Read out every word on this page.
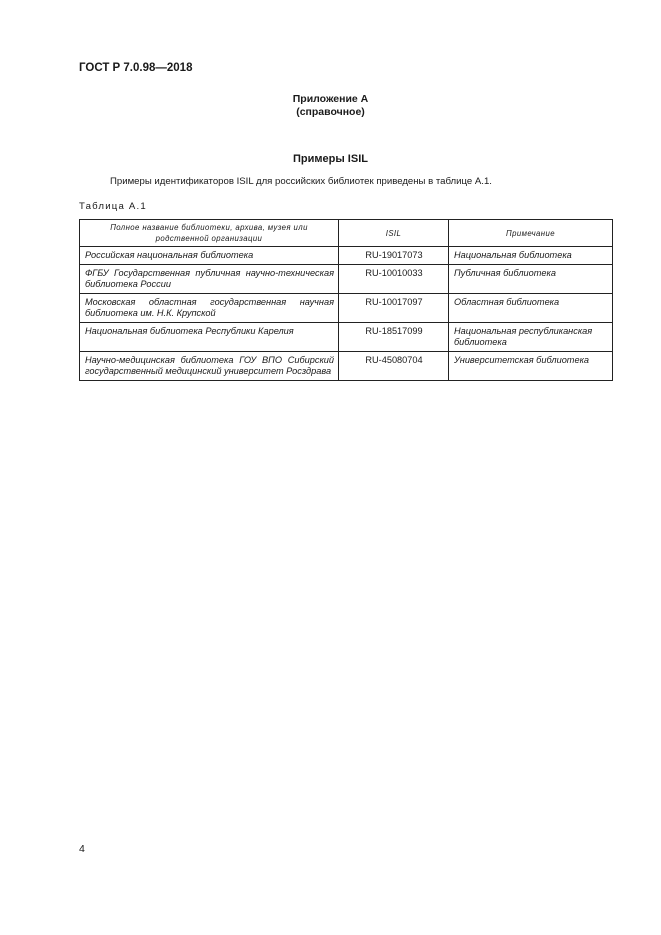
ГОСТ Р 7.0.98—2018
Приложение А
(справочное)
Примеры ISIL
Примеры идентификаторов ISIL для российских библиотек приведены в таблице А.1.
Таблица А.1
Полное название библиотеки, архива, музея или родственной организации	ISIL	Примечание
Российская национальная библиотека	RU-19017073	Национальная библиотека
ФГБУ Государственная публичная научно-техническая библиотека России	RU-10010033	Публичная библиотека
Московская областная государственная научная библиотека им. Н.К. Крупской	RU-10017097	Областная библиотека
Национальная библиотека Республики Карелия	RU-18517099	Национальная республиканская библиотека
Научно-медицинская библиотека ГОУ ВПО Сибирский государственный медицинский университет Росздрава	RU-45080704	Университетская библиотека
4
